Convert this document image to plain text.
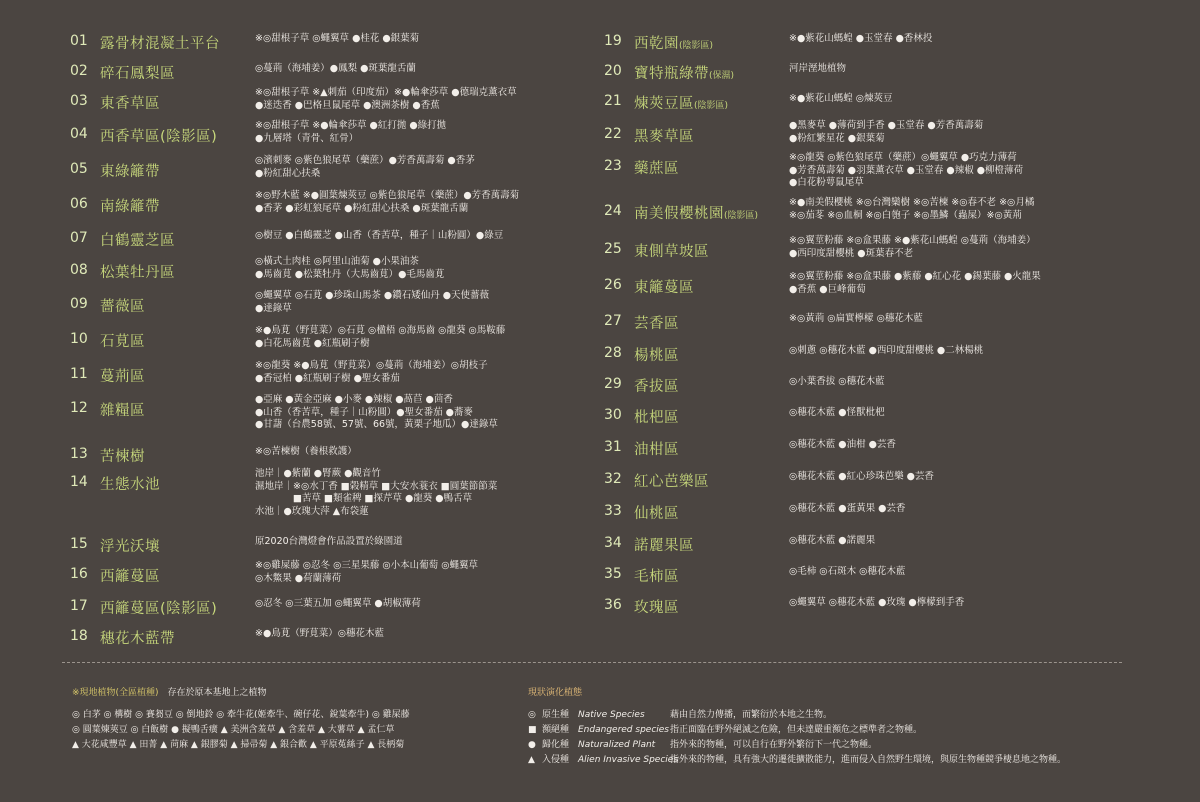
01 露骨材混凝土平台	※◎甜根子草 ◎蠅翼草 ●桂花 ●銀葉菊
02 碎石鳳梨區	◎蔓荊（海埔姜）●鳳梨 ●斑葉龍舌蘭
03 東香草區
※◎甜根子草 ※▲刺茄（印度茄）※●輪傘莎草 ●德瑞克薰衣草
●迷迭香 ●巴格旦鼠尾草 ●澳洲茶樹 ●香蕉
04 西香草區(陰影區)
※◎甜根子草 ※●輪傘莎草 ●紅打拋 ●綠打拋
●九層塔（青骨、紅骨）
05 東綠籬帶
◎濱刺麥 ◎紫色狼尾草（藥蔗）●芳香萬壽菊 ●香茅
●粉紅甜心扶桑
06 南綠籬帶
※◎野木藍 ※●圓葉煉莢豆 ◎紫色狼尾草（藥蔗）●芳香萬壽菊
●香茅 ●彩虹狼尾草 ●粉紅甜心扶桑 ●斑葉龍舌蘭
07 白鶴靈芝區	◎樹豆 ●白鶴靈芝 ●山香（香苦草，種子｜山粉圓）●綠豆
08 松葉牡丹區
◎橫式土肉桂 ◎阿里山油菊 ●小果油茶
●馬齒莧 ●松葉牡丹（大馬齒莧）●毛馬齒莧
09 薔薇區
◎蠅翼草 ◎石莧 ●珍珠山馬茶 ●鑽石矮仙丹 ●天使薔薇
●達錄草
10 石莧區
※●鳥莧（野莧菜）◎石莧 ◎楹梧 ◎海馬齒 ◎龍葵 ◎馬鞍藤
●白花馬齒莧 ●紅瓶刷子樹
11 蔓荊區
※◎龍葵 ※●鳥莧（野莧菜）◎蔓荊（海埔姜）◎胡枝子
●香冠柏 ●紅瓶刷子樹 ●聖女番茄
12 雜糧區
●亞麻 ●黃金亞麻 ●小麥 ●辣椒 ●萵苣 ●茴香
●山香（香苦草，種子｜山粉圓）●聖女番茄 ●蕎麥
●甘藷（台農58號、57號、66號，黃栗子地瓜）●達錄草
13 苦楝樹	※◎苦楝樹（養根救護）
14 生態水池
池岸｜●紫蘭 ●腎蕨 ●觀音竹
濕地岸｜※◎水丁香 ■榖精草 ■大安水蓑衣 ■圓葉節節菜
　　　　■苦草 ■類雀稗 ■探芹草 ●龍葵 ●鴨舌草
水池｜●玫瑰大萍 ▲布袋蓮
15 浮光沃壤	原2020台灣燈會作品設置於綠園道
16 西籬蔓區
※◎雞屎藤 ◎忍冬 ◎三星果藤 ◎小本山葡萄 ◎蠅翼草
◎木鱉果 ●荷蘭薄荷
17 西籬蔓區(陰影區)	◎忍冬 ◎三葉五加 ◎蠅翼草 ●胡椒薄荷
18 穗花木藍帶	※●鳥莧（野莧菜）◎穗花木藍
19 西乾園(陰影區)
※●紫花山螞蝗 ●玉堂春 ●香林投
20 寶特瓶綠帶(保濕)
河岸溼地植物
21 煉莢豆區(陰影區)
※●紫花山螞蝗 ◎煉莢豆
22 黑麥草區
●黑麥草 ●薄荷到手香 ●玉堂春 ●芳香萬壽菊
●粉紅繁星花 ●銀葉菊
23 藥蔗區
※◎龍葵 ◎紫色狼尾草（藥蔗）◎蠅翼草 ●巧克力薄荷
●芳香萬壽菊 ●羽葉薰衣草 ●玉堂春 ●辣椒 ●柳橙薄荷
●白花粉萼鼠尾草
24 南美假櫻桃園(陰影區)
※●南美假櫻桃 ※◎台灣欒樹 ※◎苦楝 ※◎春不老 ※◎月橘
※◎茄苳 ※◎血桐 ※◎白匏子 ※◎墨鱗（蟲屎）※◎黃荊
25 東側草坡區
※◎翼莖粉藤 ※◎盒果藤 ※●紫花山螞蝗 ◎蔓荊（海埔姜）
●西印度甜櫻桃 ●斑葉春不老
26 東籬蔓區
※◎翼莖粉藤 ※◎盒果藤 ●紫藤 ●紅心花 ●錫葉藤 ●火龍果
●香蕉 ●巨峰葡萄
27 芸香區	※◎黃荊 ◎扁實檸檬 ◎穗花木藍
28 楊桃區	◎刺蔥 ◎穗花木藍 ●西印度甜櫻桃 ●二林楊桃
29 香拔區	◎小葉香拔 ◎穗花木藍
30 枇杷區	◎穗花木藍 ●怪獸枇杷
31 油柑區	◎穗花木藍 ●油柑 ●芸香
32 紅心芭樂區	◎穗花木藍 ●紅心珍珠芭樂 ●芸香
33 仙桃區	◎穗花木藍 ●蛋黃果 ●芸香
34 諾麗果區	◎穗花木藍 ●諾麗果
35 毛柿區	◎毛柿 ◎石斑木 ◎穗花木藍
36 玫瑰區	◎蠅翼草 ◎穗花木藍 ●玫瑰 ●檸檬到手香
※現地植物(全區植種) 存在於原本基地上之植物
◎ 白茅 ◎ 構樹 ◎ 賽芻豆 ◎ 倒地鈴 ◎ 牽牛花(姬牽牛、碗仔花、銳葉牽牛) ◎ 雞屎藤
◎ 圓葉煉莢豆 ◎ 白飯樹 ● 擬鴨舌癀 ▲ 美洲含羞草 ▲ 含羞草 ▲ 大薯草 ▲ 孟仁草
▲ 大花咸豐草 ▲ 田菁 ▲ 苘麻 ▲ 銀膠菊 ▲ 掃帚菊 ▲ 銀合歡 ▲ 平原菟絲子 ▲ 長柄菊
現狀演化植態
◎ 原生種 Native Species	藉由自然力傳播，而繁衍於本地之生物。
■ 瀕絕種 Endangered species 指正面臨在野外絕滅之危險，但未達嚴重瀕危之標準者之物種。
● 歸化種 Naturalized Plant 指外來的物種，可以自行在野外繁衍下一代之物種。
▲ 入侵種 Alien Invasive Species
指外來的物種，具有強大的遷徙擴散能力，進而侵入自然野生環境，與原生物種競爭棲息地之物種。
